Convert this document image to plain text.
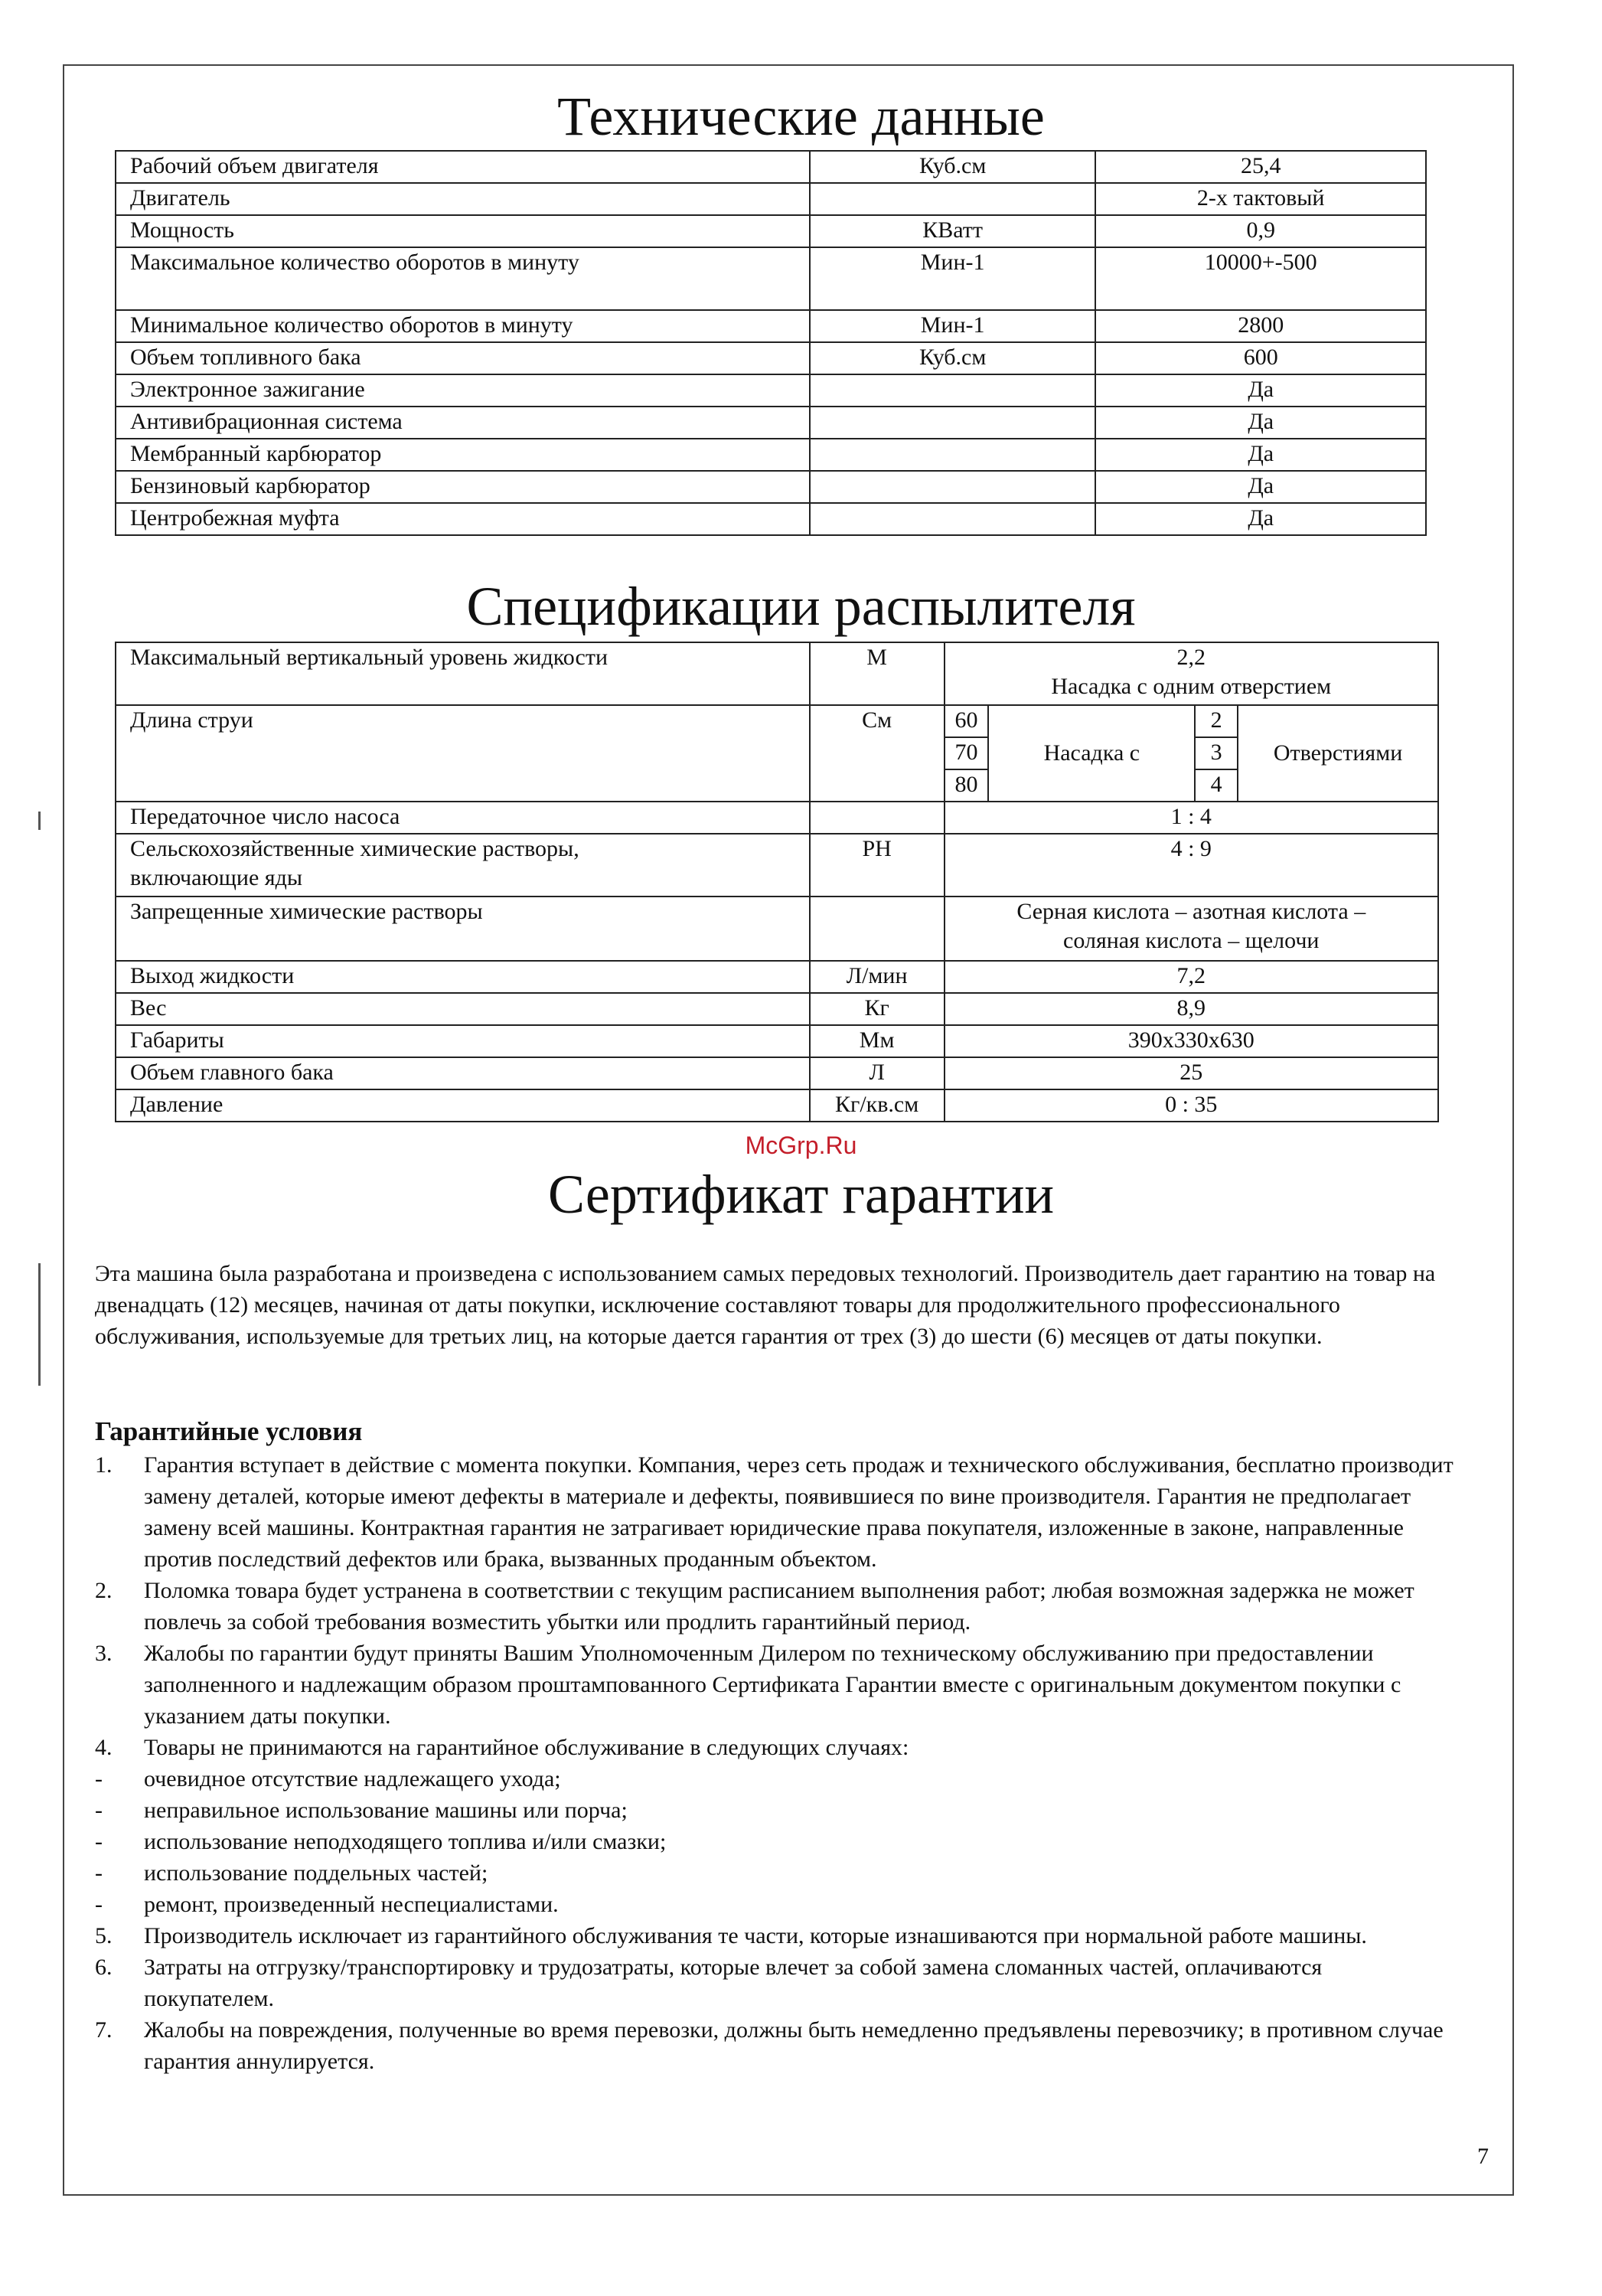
Технические данные
Рабочий объем двигателя	Куб.см	25,4
Двигатель		2-х тактовый
Мощность	КВатт	0,9
Максимальное количество оборотов в минуту	Мин-1	10000+-500
Минимальное количество оборотов в минуту	Мин-1	2800
Объем топливного бака	Куб.см	600
Электронное зажигание		Да
Антивибрационная система		Да
Мембранный карбюратор		Да
Бензиновый карбюратор		Да
Центробежная муфта		Да
Спецификации распылителя
Максимальный вертикальный уровень жидкости	М	2,2
Насадка с одним отверстием			

Длина струи	См	60	Насадка с	2	Отверстиями
		70		3	
		80		4	
Передаточное число насоса		1 : 4			

Сельскохозяйственные химические растворы,
включающие яды	PH	4 : 9			
Запрещенные химические растворы		Серная кислота – азотная кислота –
соляная кислота – щелочи			

Выход жидкости	Л/мин	7,2			
Вес	Кг	8,9			
Габариты	Мм	390x330x630			
Объем главного бака	Л	25			
Давление	Кг/кв.см	0 : 35			
McGrp.Ru
Сертификат гарантии

Эта машина была разработана и произведена с использованием самых передовых технологий. Производитель дает гарантию на товар на двенадцать (12) месяцев, начиная от даты покупки, исключение составляют товары для продолжительного профессионального обслуживания, используемые для третьих лиц, на которые дается гарантия от трех (3) до шести (6) месяцев от даты покупки.

Гарантийные условия

1. Гарантия вступает в действие с момента покупки. Компания, через сеть продаж и технического обслуживания, бесплатно производит замену деталей, которые имеют дефекты в материале и дефекты, появившиеся по вине производителя. Гарантия не предполагает замену всей машины. Контрактная гарантия не затрагивает юридические права покупателя, изложенные в законе, направленные против последствий дефектов или брака, вызванных проданным объектом.
2. Поломка товара будет устранена в соответствии с текущим расписанием выполнения работ; любая возможная задержка не может повлечь за собой требования возместить убытки или продлить гарантийный период.
3. Жалобы по гарантии будут приняты Вашим Уполномоченным Дилером по техническому обслуживанию при предоставлении заполненного и надлежащим образом проштампованного Сертификата Гарантии вместе с оригинальным документом покупки с указанием даты покупки.
4. Товары не принимаются на гарантийное обслуживание в следующих случаях:
- очевидное отсутствие надлежащего ухода;
- неправильное использование машины или порча;
- использование неподходящего топлива и/или смазки;
- использование поддельных частей;
- ремонт, произведенный неспециалистами.
5. Производитель исключает из гарантийного обслуживания те части, которые изнашиваются при нормальной работе машины.
6. Затраты на отгрузку/транспортировку и трудозатраты, которые влечет за собой замена сломанных частей, оплачиваются покупателем.
7. Жалобы на повреждения, полученные во время перевозки, должны быть немедленно предъявлены перевозчику; в противном случае гарантия аннулируется.
7
